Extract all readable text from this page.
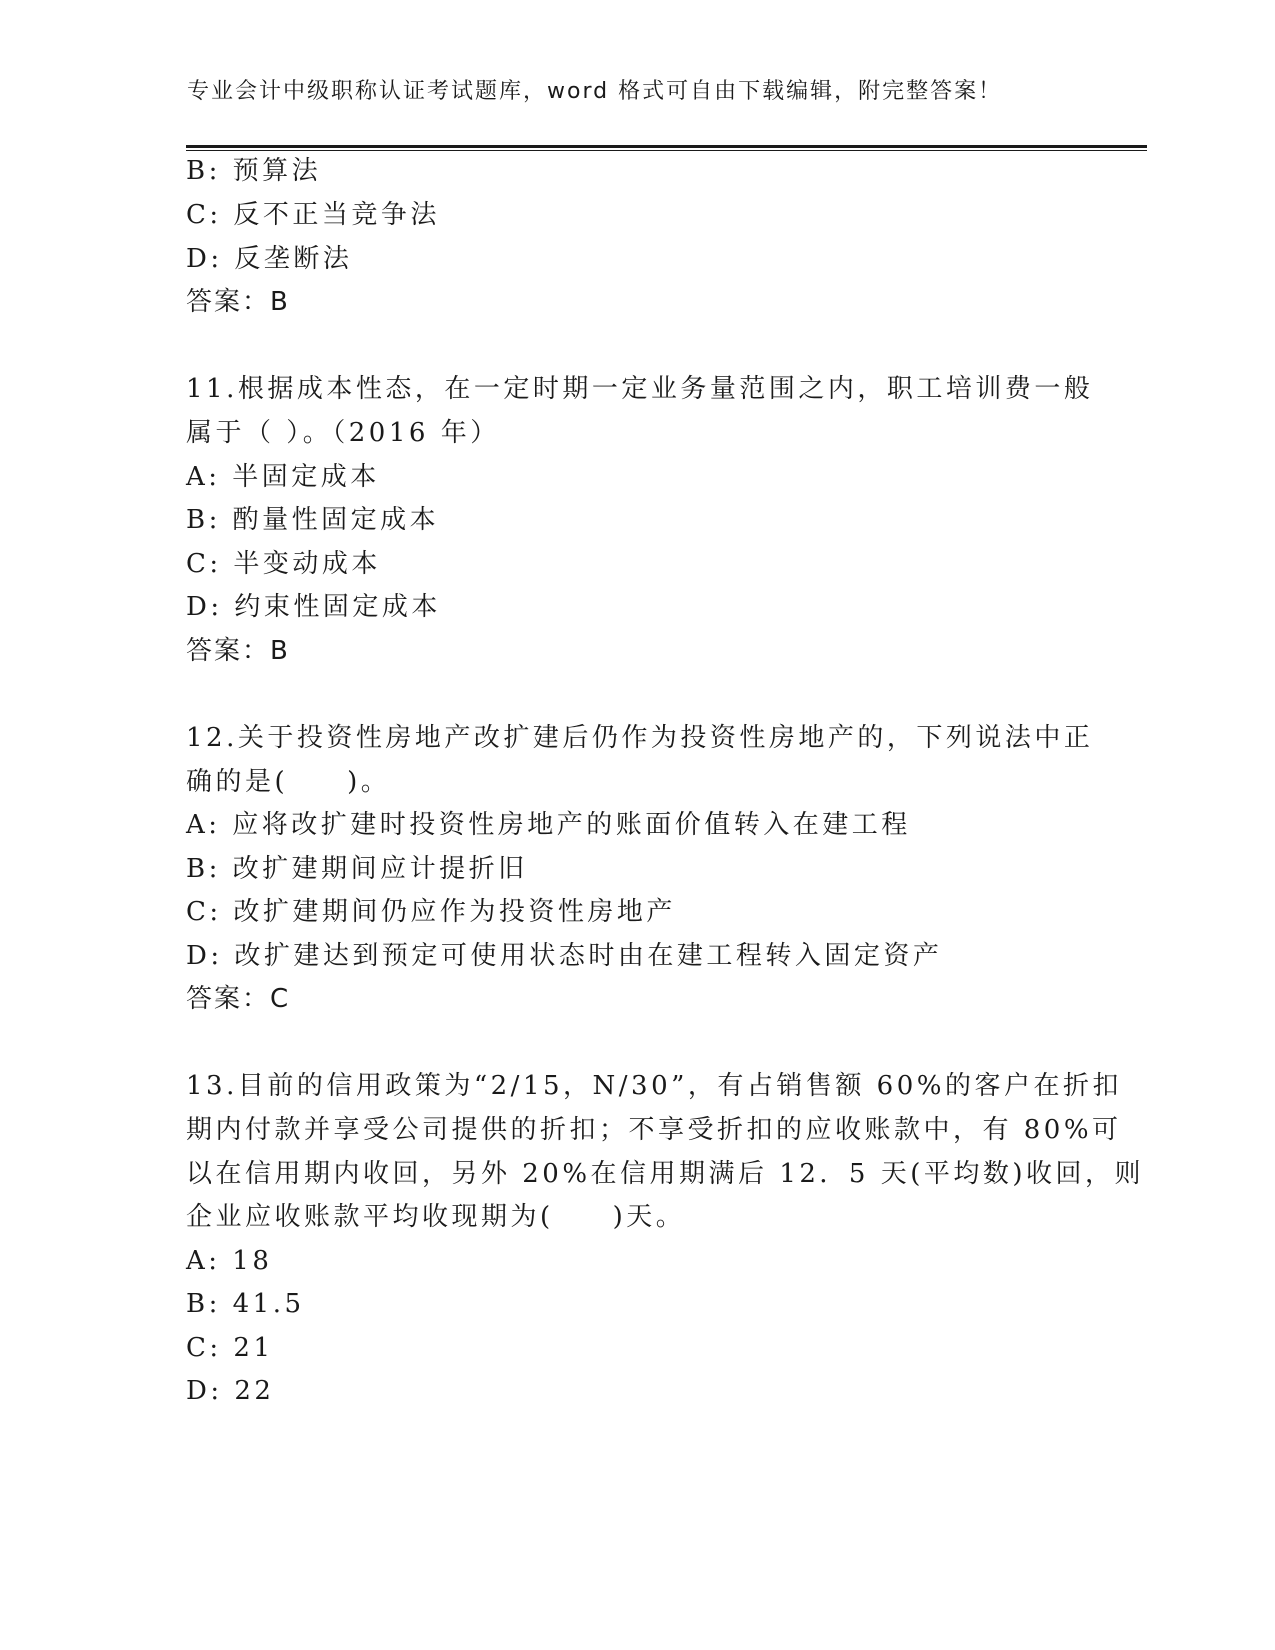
专业会计中级职称认证考试题库，word 格式可自由下载编辑，附完整答案！
B: 预算法
C: 反不正当竞争法
D: 反垄断法
答案：B
11.根据成本性态，在一定时期一定业务量范围之内，职工培训费一般
属于（ ）。（2016 年）
A: 半固定成本
B: 酌量性固定成本
C: 半变动成本
D: 约束性固定成本
答案：B
12.关于投资性房地产改扩建后仍作为投资性房地产的，下列说法中正
确的是(　　)。
A: 应将改扩建时投资性房地产的账面价值转入在建工程
B: 改扩建期间应计提折旧
C: 改扩建期间仍应作为投资性房地产
D: 改扩建达到预定可使用状态时由在建工程转入固定资产
答案：C
13.目前的信用政策为“2/15，N/30”，有占销售额 60%的客户在折扣
期内付款并享受公司提供的折扣；不享受折扣的应收账款中，有 80%可
以在信用期内收回，另外 20%在信用期满后 12．5 天(平均数)收回，则
企业应收账款平均收现期为(　　)天。
A: 18
B: 41.5
C: 21
D: 22
